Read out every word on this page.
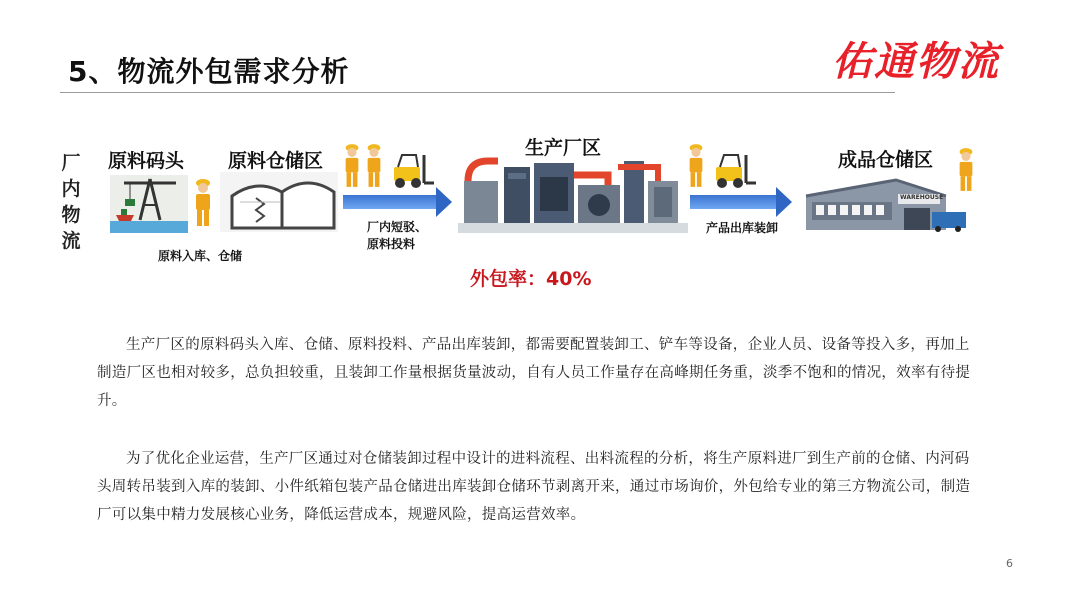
5、物流外包需求分析	佑通物流
厂
内
物
流
原料码头 原料仓储区
生产厂区
成品仓储区
厂内短驳、
原料投料
原料入库、仓储
产品出库装卸
WAREHOUSE
外包率：40%
生产厂区的原料码头入库、仓储、原料投料、产品出库装卸，都需要配置装卸工、铲车等设备，企业人员、设备等投入多，再加上制造厂区也相对较多，总负担较重，且装卸工作量根据货量波动，自有人员工作量存在高峰期任务重，淡季不饱和的情况，效率有待提升。
为了优化企业运营，生产厂区通过对仓储装卸过程中设计的进料流程、出料流程的分析，将生产原料进厂到生产前的仓储、内河码头周转吊装到入库的装卸、小件纸箱包装产品仓储进出库装卸仓储环节剥离开来，通过市场询价，外包给专业的第三方物流公司，制造厂可以集中精力发展核心业务，降低运营成本，规避风险，提高运营效率。
6
